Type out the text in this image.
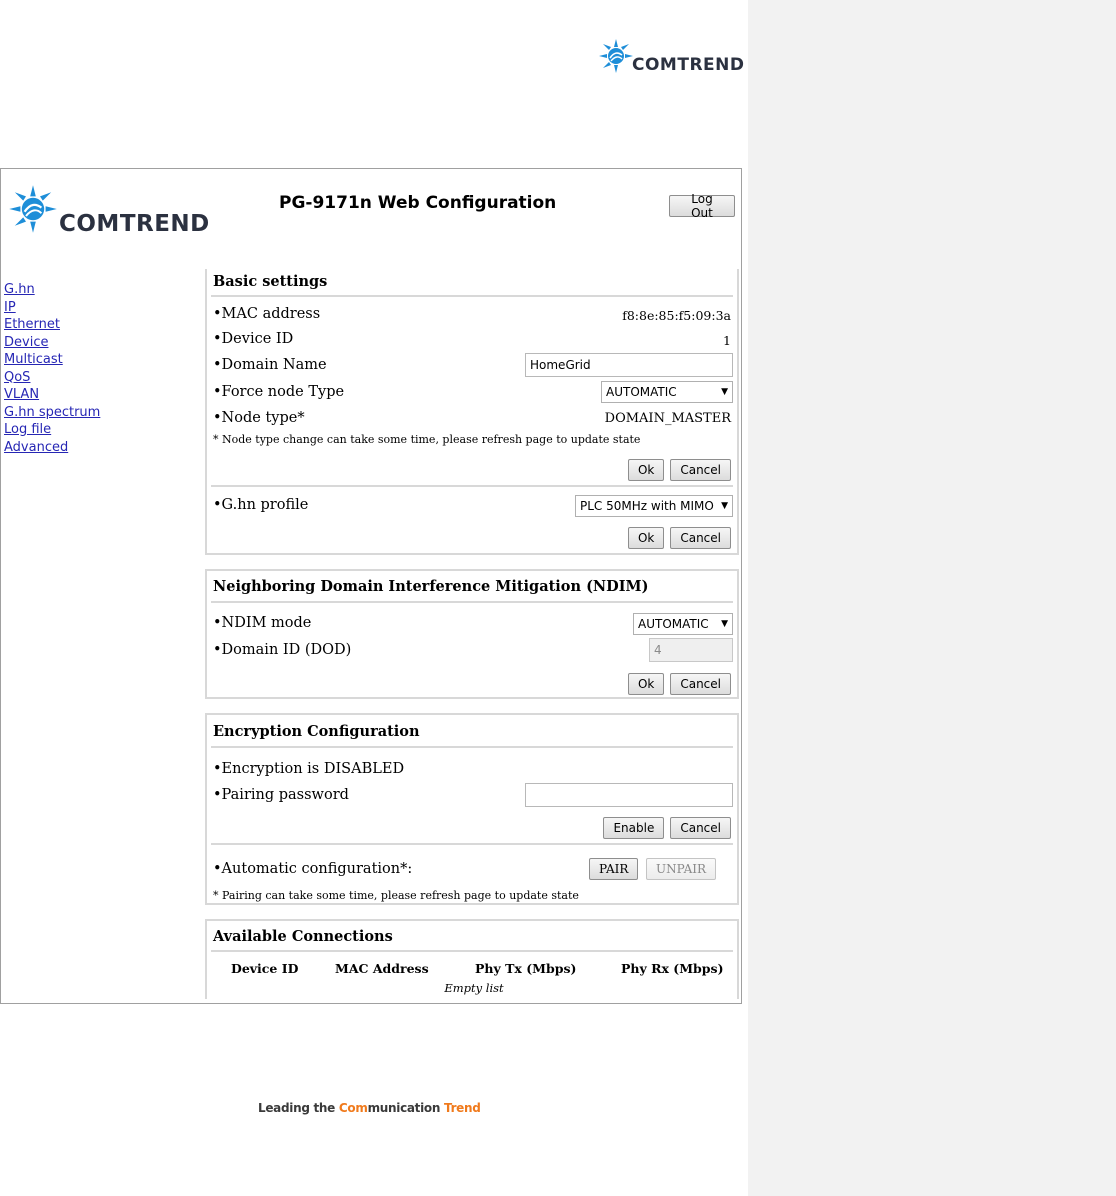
COMTREND
COMTREND
PG-9171n Web Configuration	Log Out
G.hn
IP
Ethernet
Device
Multicast
QoS
VLAN
G.hn spectrum
Log file
Advanced
Basic settings
•MAC address	f8:8e:85:f5:09:3a
•Device ID	1
•Domain Name
HomeGrid
•Force node Type	AUTOMATIC	▼
•Node type*	DOMAIN_MASTER
* Node type change can take some time, please refresh page to update state
Ok	Cancel
•G.hn profile	PLC 50MHz with MIMO ▼
Ok	Cancel
Neighboring Domain Interference Mitigation (NDIM)
•NDIM mode	AUTOMATIC	▼
•Domain ID (DOD)
4
Ok	Cancel
Encryption Configuration
•Encryption is DISABLED
•Pairing password
Enable	Cancel
•Automatic configuration*:	PAIR	UNPAIR
* Pairing can take some time, please refresh page to update state
Available Connections
Device ID	MAC Address	Phy Tx (Mbps)	Phy Rx (Mbps)
Empty list
Leading the Communication Trend
